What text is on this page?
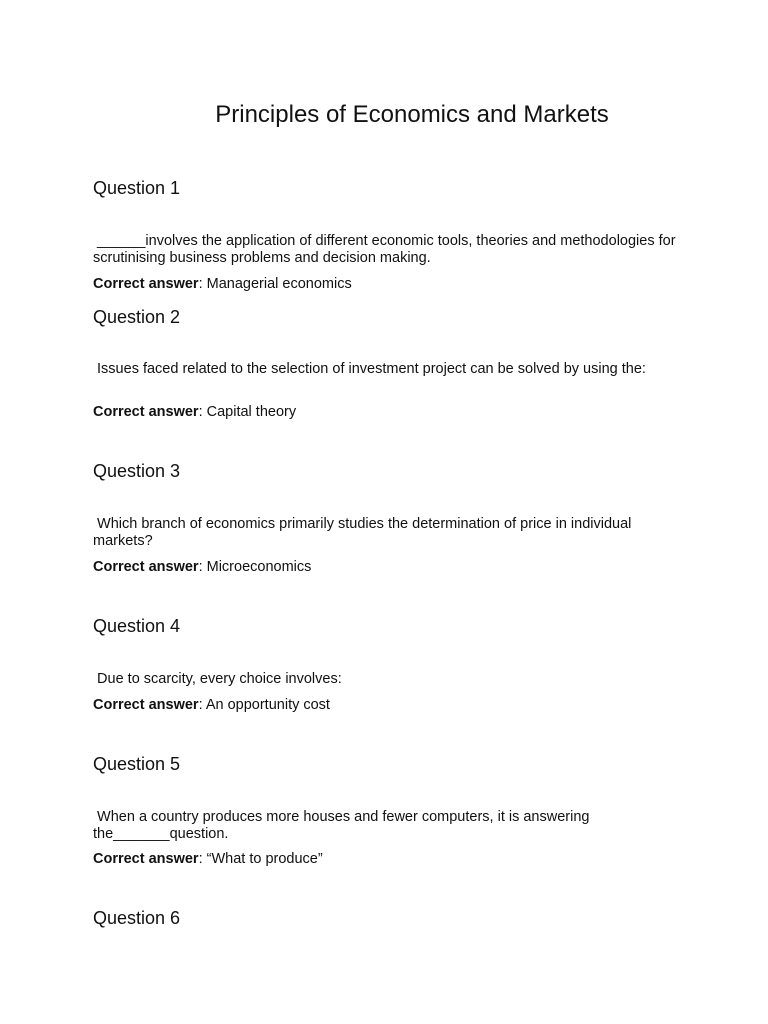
Principles of Economics and Markets
Question 1

______involves the application of different economic tools, theories and methodologies for scrutinising business problems and decision making.

Correct answer: Managerial economics

Question 2

Issues faced related to the selection of investment project can be solved by using the:

Correct answer: Capital theory

Question 3

Which branch of economics primarily studies the determination of price in individual markets?

Correct answer: Microeconomics

Question 4

Due to scarcity, every choice involves:

Correct answer: An opportunity cost

Question 5

When a country produces more houses and fewer computers, it is answering the_______question.

Correct answer: “What to produce”

Question 6
